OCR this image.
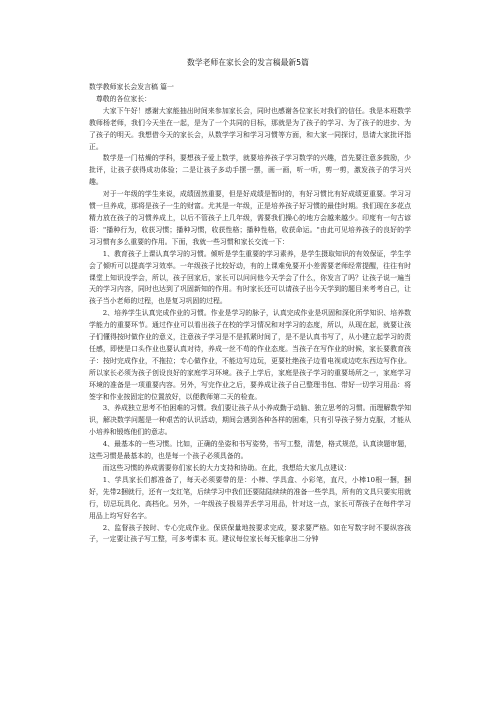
数学老师在家长会的发言稿最新5篇

数学教师家长会发言稿 篇一

尊敬的各位家长：

大家下午好！感谢大家能抽出时间来参加家长会，同时也感谢各位家长对我们的信任。我是本班数学教师杨老师，我们今天坐在一起，是为了一个共同的目标，那就是为了孩子的学习、为了孩子的进步、为了孩子的明天。我想借今天的家长会，从数学学习和学习习惯等方面，和大家一同探讨，恳请大家批评指正。

数学是一门枯燥的学科，要想孩子爱上数学，就要培养孩子学习数学的兴趣，首先要注意多鼓励，少批评，让孩子获得成功体验；二是让孩子多动手摆一摆，画一画，听一听，剪一剪，激发孩子的学习兴趣。

对于一年级的学生来说，成绩固然重要，但是好成绩是暂时的，有好习惯比有好成绩更重要。学习习惯一旦养成，那将是孩子一生的财富。尤其是一年级，正是培养孩子好习惯的最佳时期。我们现在多花点精力放在孩子的习惯养成上，以后不管孩子上几年级，需要我们操心的地方会越来越少。印度有一句古谚语："播种行为，收获习惯；播种习惯，收获性格；播种性格，收获命运。"由此可见培养孩子的良好的学习习惯有多么重要的作用。下面，我就一些习惯和家长交流一下：

1、教育孩子上课认真学习的习惯。倾听是学生重要的学习素养，是学生摄取知识的有效保证，学生学会了倾听可以提高学习效率。一年级孩子比较好动，有的上课难免要开小差需要老师经常提醒，往往有时课堂上知识没学会，所以，孩子回家后，家长可以问问他今天学会了什么，你发言了吗？让孩子说一遍当天的学习内容，同时也达到了巩固新知的作用。有时家长还可以请孩子出今天学到的题目来考考自己，让孩子当小老师的过程，也是复习巩固的过程。

2、培养学生认真完成作业的习惯。作业是学习的脉子，认真完成作业是巩固和深化所学知识、培养数学能力的重要环节。通过作业可以看出孩子在校的学习情况和对学习的态度，所以，从现在起，就要让孩子们懂得按时做作业的意义，注意孩子学习是不是抓紧时间了，是不是认真书写了，从小建立起学习的责任感，即使是口头作业也要认真对待，养成一丝不苟的作业态度。当孩子在写作业的时候，家长要教育孩子：按时完成作业，不拖拉；专心做作业，不能边写边玩，更要杜绝孩子边看电视或边吃东西边写作业。所以家长必须为孩子创设良好的家庭学习环境。孩子上学后，家庭是孩子学习的重要场所之一，家庭学习环境的准备是一项重要内容。另外，写完作业之后，要养成让孩子自己整理书包、带好一切学习用品：将签字和作业按固定的位置放好，以便教师第二天的检查。

3、养成独立思考不怕困难的习惯。我们要让孩子从小养成勤于动脑、独立思考的习惯。而理解数学知识，解决数学问题是一种艰苦的认识活动，期间会遇到各种各样的困难，只有引导孩子努力克服，才能从小培养和锻炼他们的意志。

4、最基本的一些习惯。比如，正确的坐姿和书写姿势，书写工整，清楚，格式规范，认真读题审题，这些习惯是最基本的，也是每一个孩子必须具备的。

而这些习惯的养成需要你们家长的大力支持和协助。在此，我想给大家几点建议：

1、学具家长们都准备了，每天必须要带的是：小棒、学具盒、小彩笔，直尺，小棒10根一捆，捆好，先带2捆就行，还有一支红笔，后续学习中我们还要陆陆续续的准备一些学具，所有的文具只要实用就行，切忌玩具化、高档化。另外，一年级孩子极易弄丢学习用品，针对这一点，家长可帮孩子在每件学习用品上均写好名字。

2、监督孩子按时、专心完成作业。保质保量地按要求完成，要求要严格。如在写数字时不要纵容孩子，一定要让孩子写工整，可多考课本 页。建议每位家长每天能拿出二分钟
